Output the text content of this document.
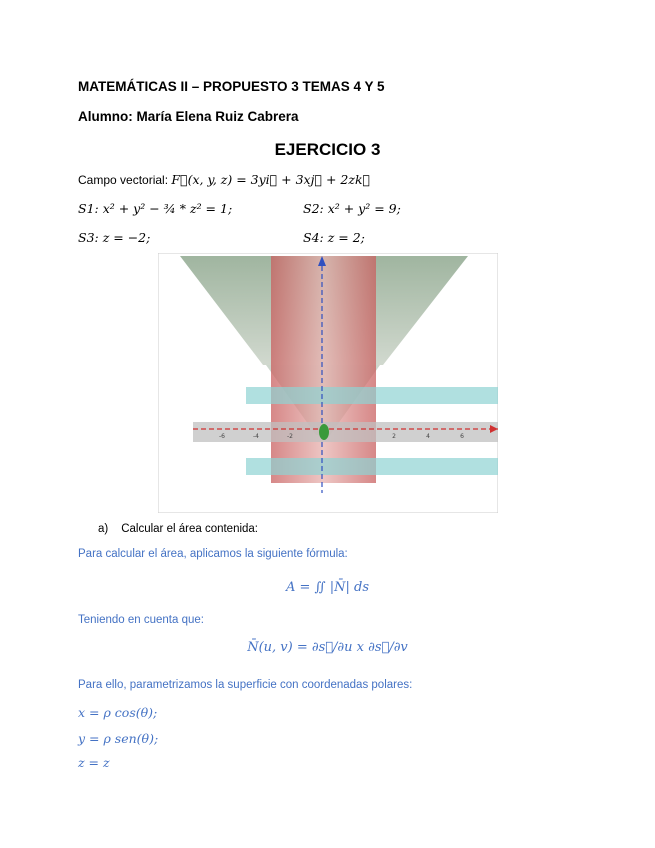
MATEMÁTICAS II – PROPUESTO 3 TEMAS 4 Y 5
Alumno: María Elena Ruiz Cabrera
EJERCICIO 3
Campo vectorial: F⃗(x, y, z) = 3yi⃗ + 3xj⃗ + 2zk⃗
S1: x² + y² − ¾ * z² = 1;	S2: x² + y² = 9;
S3: z = −2;	S4: z = 2;
-6	-4	-2	2	4	6
a) Calcular el área contenida:
Para calcular el área, aplicamos la siguiente fórmula:
A = ∬ |N̄| ds
Teniendo en cuenta que:
N̄(u, v) = ∂s⃗/∂u x ∂s⃗/∂v
Para ello, parametrizamos la superficie con coordenadas polares:
x = ρ cos(θ);
y = ρ sen(θ);
z = z
